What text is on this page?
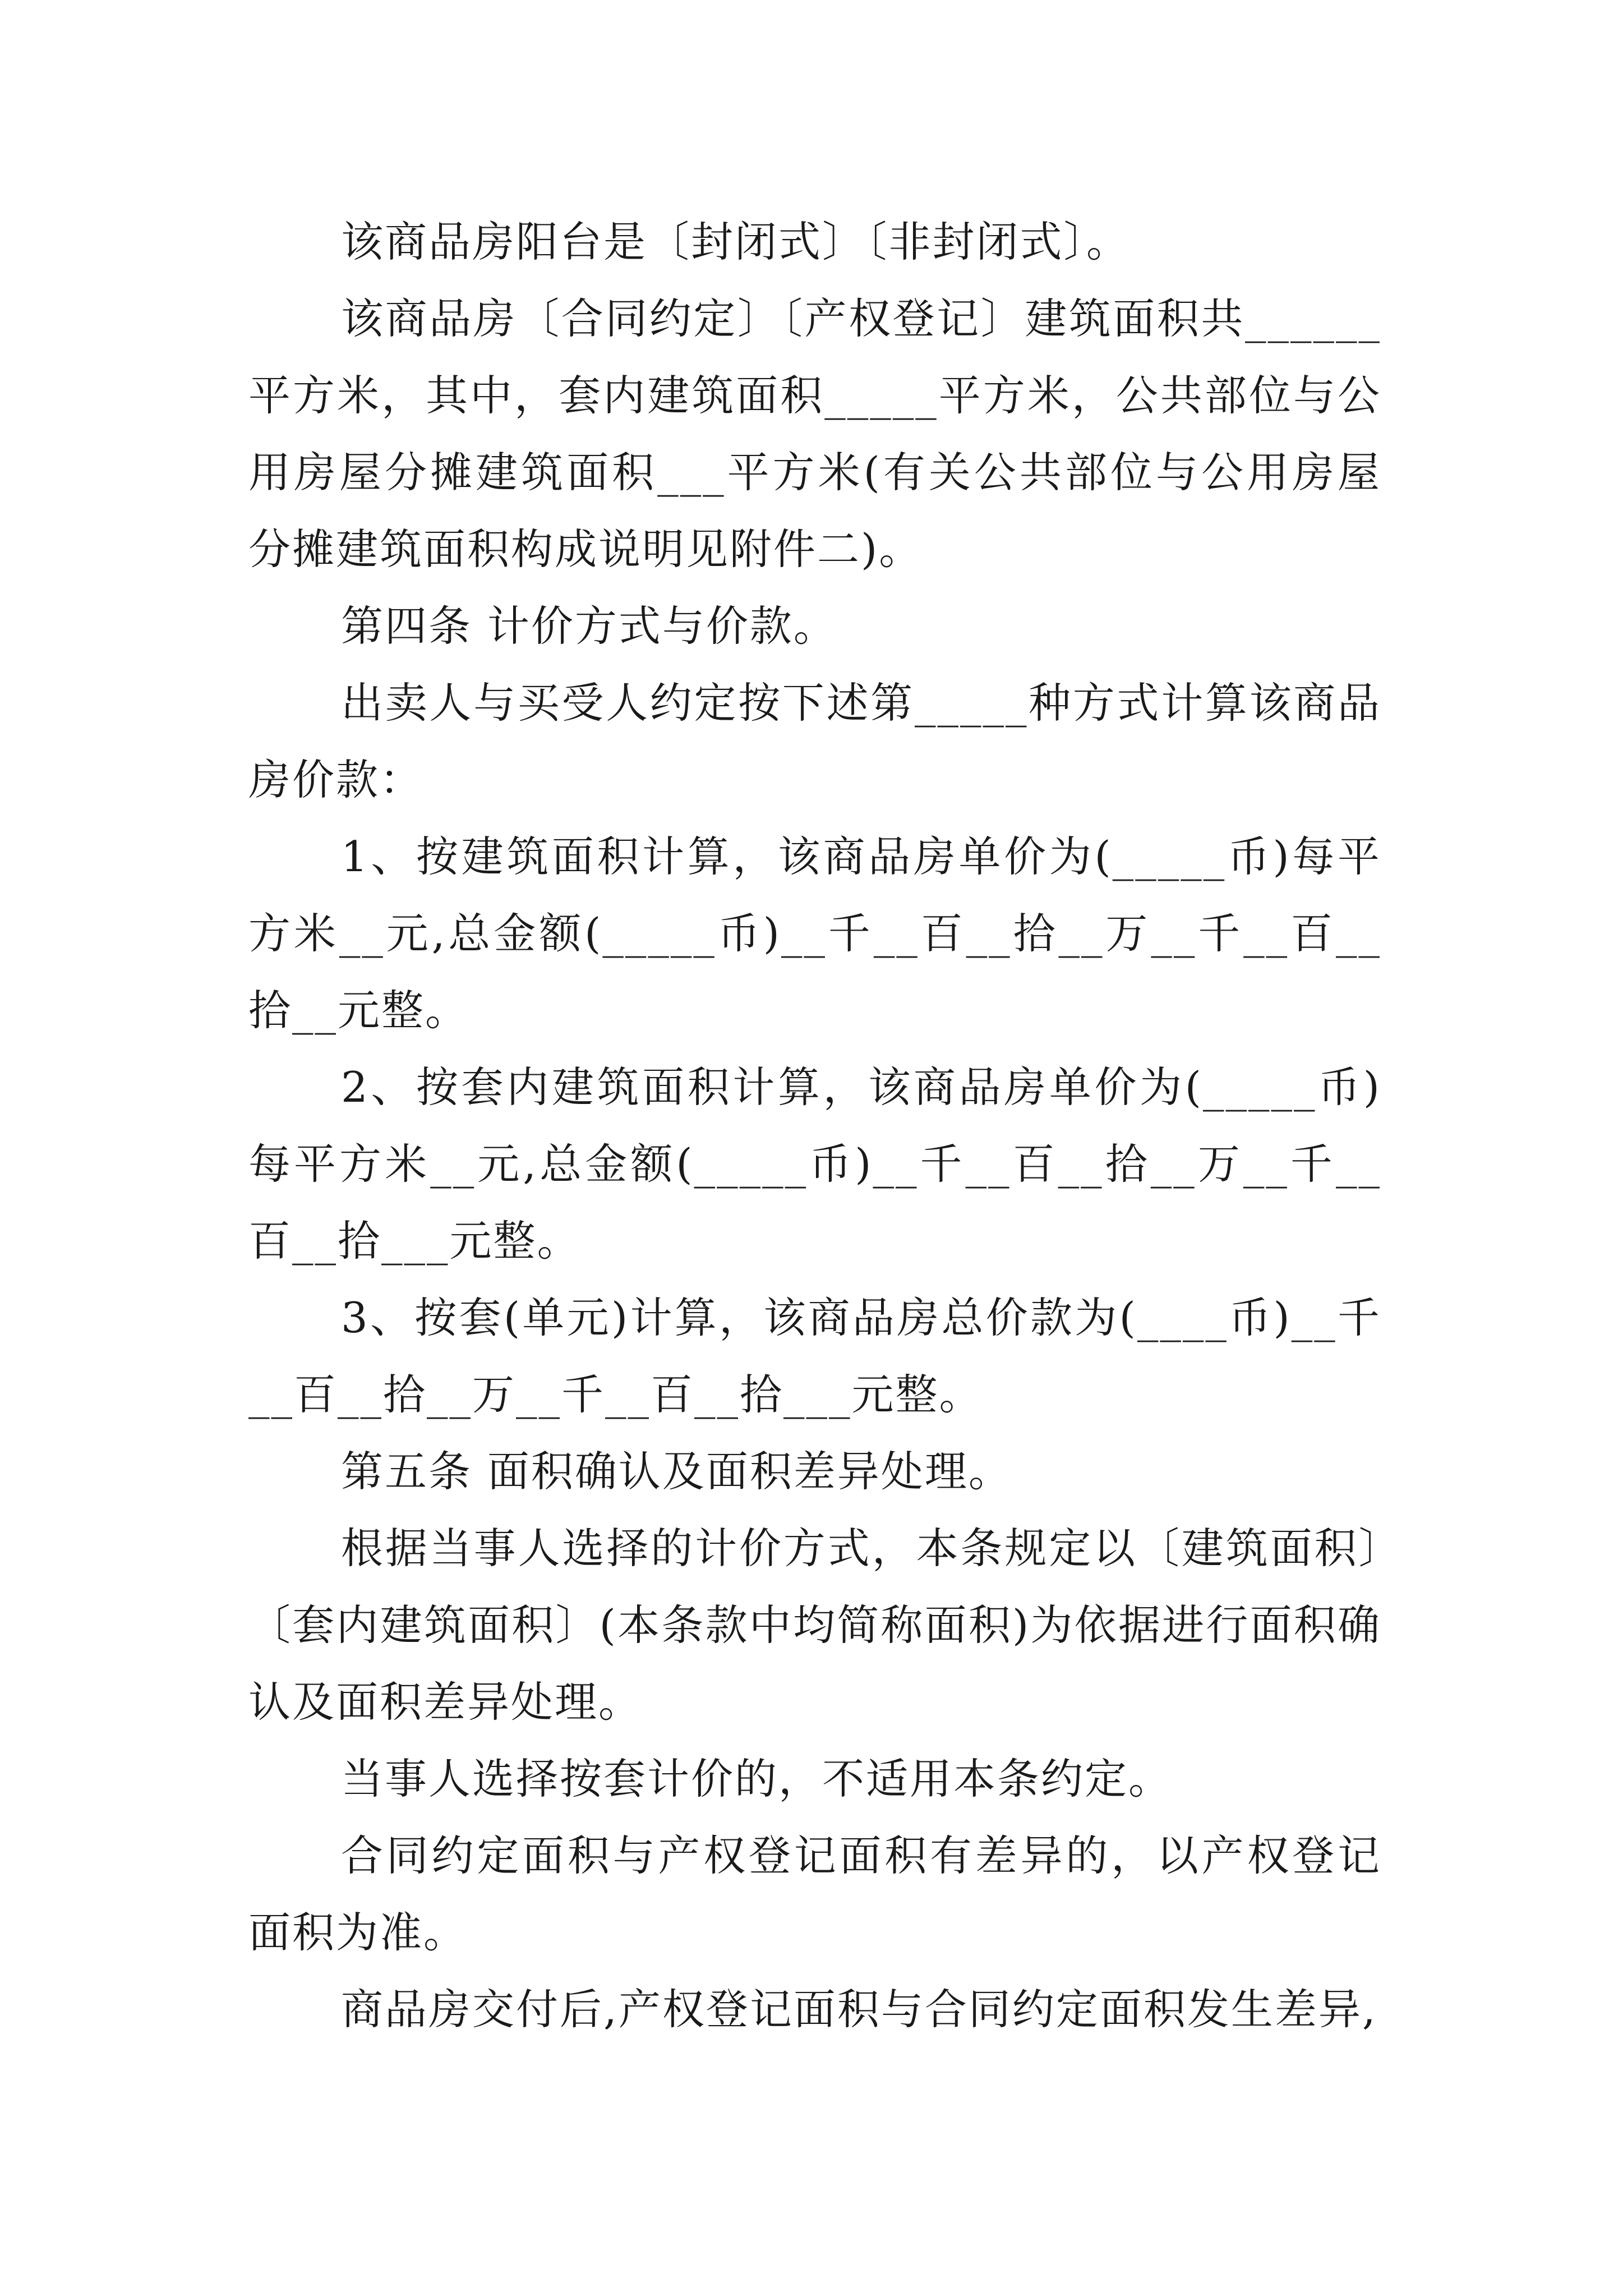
该商品房阳台是〔封闭式〕〔非封闭式〕。

该商品房〔合同约定〕〔产权登记〕建筑面积共______平方米，其中，套内建筑面积_____平方米，公共部位与公用房屋分摊建筑面积___平方米(有关公共部位与公用房屋分摊建筑面积构成说明见附件二)。

第四条 计价方式与价款。

出卖人与买受人约定按下述第_____种方式计算该商品房价款：

1、按建筑面积计算，该商品房单价为(_____币)每平方米__元,总金额(_____币)__千__百__拾__万__千__百__拾__元整。

2、按套内建筑面积计算，该商品房单价为(_____币)每平方米__元,总金额(_____币)__千__百__拾__万__千__百__拾___元整。

3、按套(单元)计算，该商品房总价款为(____币)__千__百__拾__万__千__百__拾___元整。

第五条 面积确认及面积差异处理。

根据当事人选择的计价方式，本条规定以〔建筑面积〕〔套内建筑面积〕(本条款中均简称面积)为依据进行面积确认及面积差异处理。

当事人选择按套计价的，不适用本条约定。

合同约定面积与产权登记面积有差异的，以产权登记面积为准。

商品房交付后,产权登记面积与合同约定面积发生差异,
